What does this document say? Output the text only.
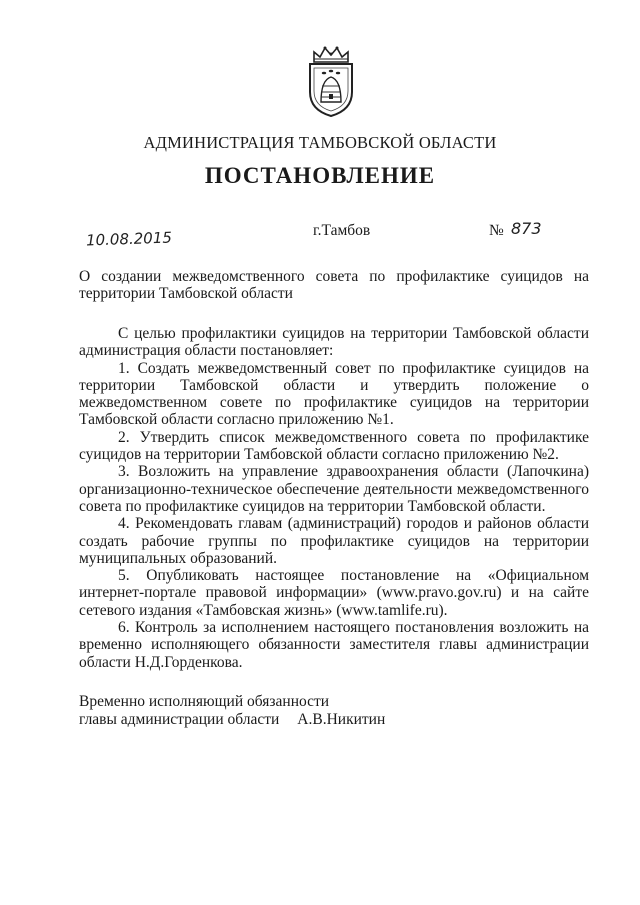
АДМИНИСТРАЦИЯ ТАМБОВСКОЙ ОБЛАСТИ
ПОСТАНОВЛЕНИЕ
10.08.2015	г.Тамбов	№ 873
О создании межведомственного совета по профилактике суицидов на территории Тамбовской области

С целью профилактики суицидов на территории Тамбовской области администрация области постановляет:

1. Создать межведомственный совет по профилактике суицидов на территории Тамбовской области и утвердить положение о межведомственном совете по профилактике суицидов на территории Тамбовской области согласно приложению №1.

2. Утвердить список межведомственного совета по профилактике суицидов на территории Тамбовской области согласно приложению №2.

3. Возложить на управление здравоохранения области (Лапочкина) организационно-техническое обеспечение деятельности межведомственного совета по профилактике суицидов на территории Тамбовской области.

4. Рекомендовать главам (администраций) городов и районов области создать рабочие группы по профилактике суицидов на территории муниципальных образований.

5. Опубликовать настоящее постановление на «Официальном интернет-портале правовой информации» (www.pravo.gov.ru) и на сайте сетевого издания «Тамбовская жизнь» (www.tamlife.ru).

6. Контроль за исполнением настоящего постановления возложить на временно исполняющего обязанности заместителя главы администрации области Н.Д.Горденкова.

Временно исполняющий обязанности
главы администрации области А.В.Никитин
